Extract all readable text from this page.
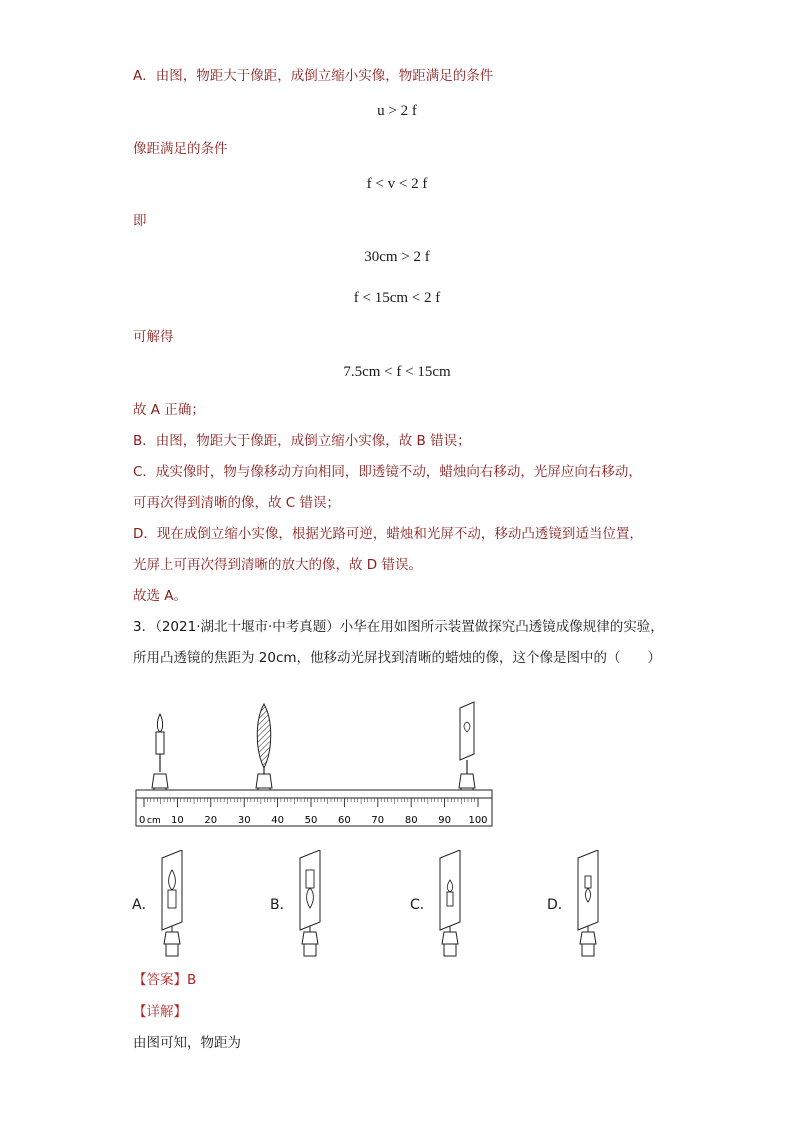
A．由图，物距大于像距，成倒立缩小实像，物距满足的条件
u > 2 f
像距满足的条件
f < v < 2 f
即
30cm > 2 f
f < 15cm < 2 f
可解得
7.5cm < f < 15cm
故 A 正确；
B．由图，物距大于像距，成倒立缩小实像，故 B 错误；
C．成实像时，物与像移动方向相同，即透镜不动，蜡烛向右移动，光屏应向右移动，
可再次得到清晰的像，故 C 错误；
D．现在成倒立缩小实像，根据光路可逆，蜡烛和光屏不动，移动凸透镜到适当位置，
光屏上可再次得到清晰的放大的像，故 D 错误。
故选 A。
3．（2021·湖北十堰市·中考真题）小华在用如图所示装置做探究凸透镜成像规律的实验，
所用凸透镜的焦距为 20cm，他移动光屏找到清晰的蜡烛的像，这个像是图中的（　　）
0 cm 10 20 30 40 50 60 70 80 90 100
A．	B．	C．	D．
【答案】B
【详解】
由图可知，物距为
